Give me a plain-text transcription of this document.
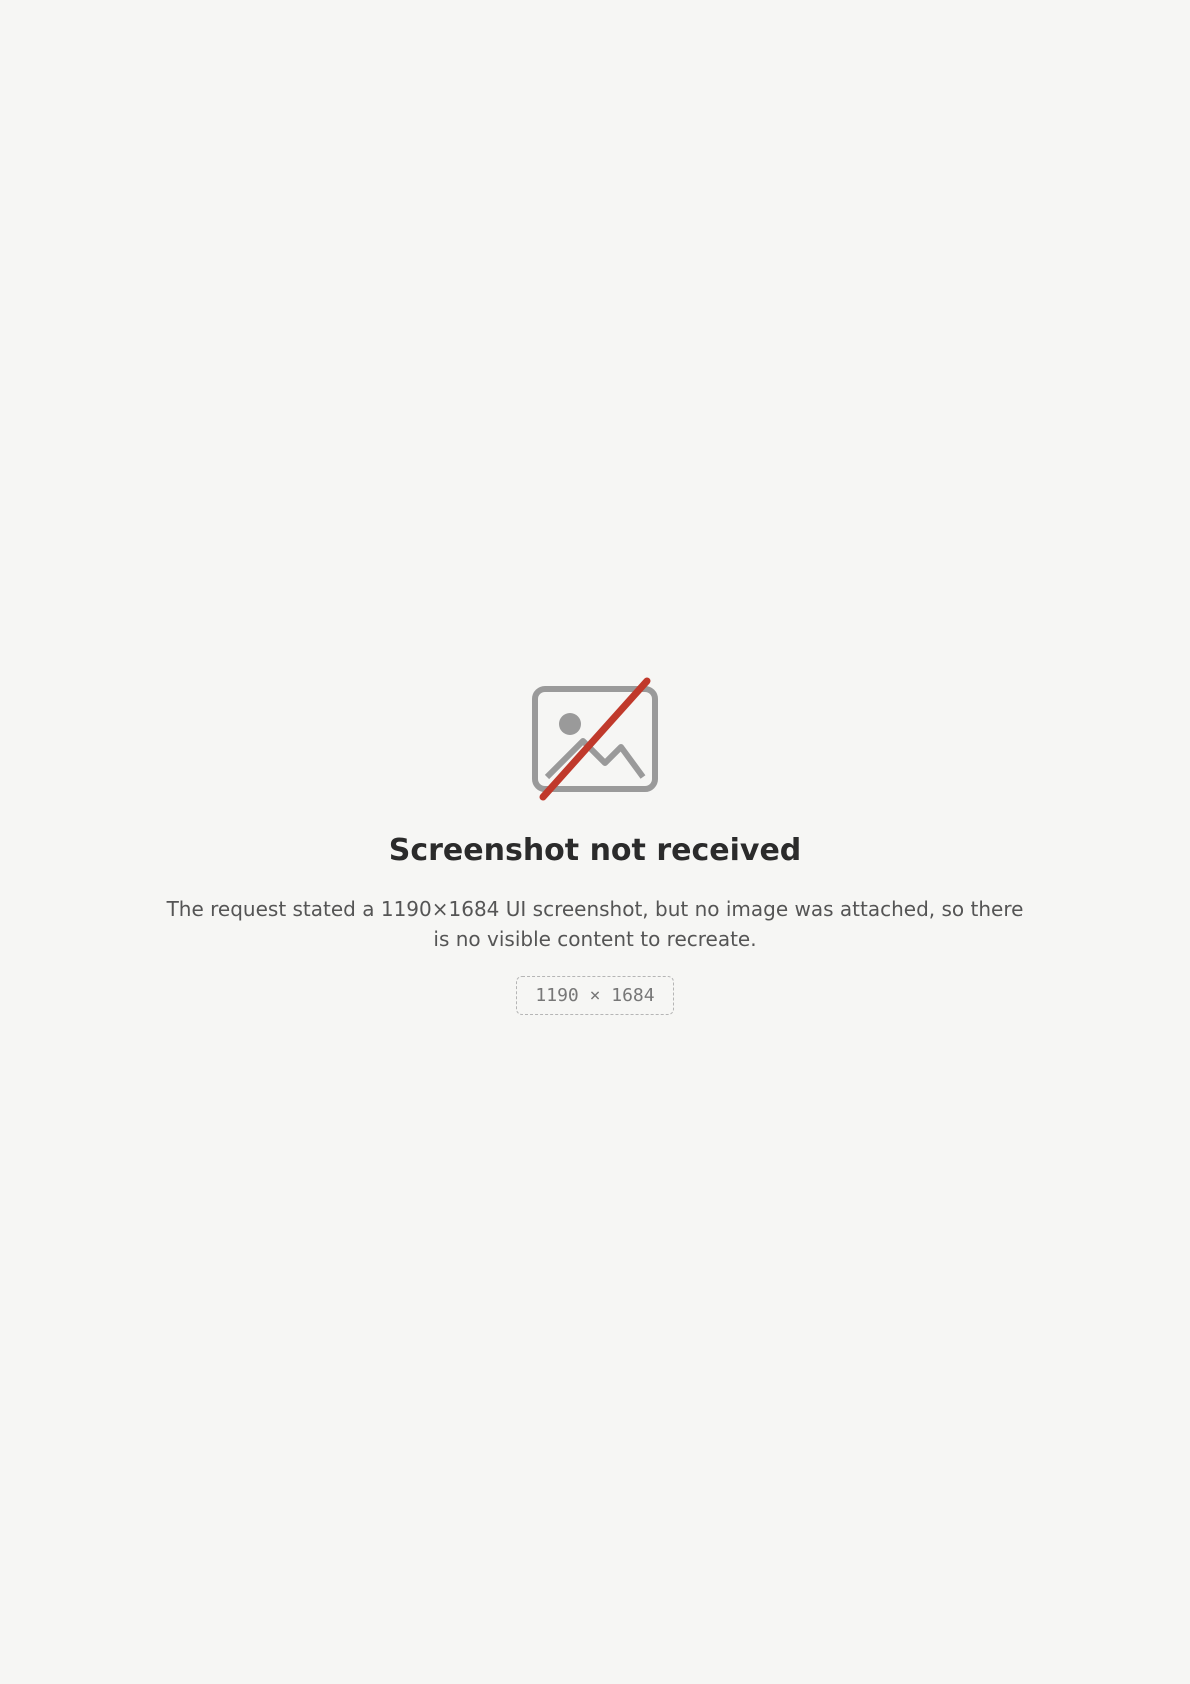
Screenshot not received
The request stated a 1190×1684 UI screenshot, but no image was attached, so there is no visible content to recreate.
1190 × 1684
